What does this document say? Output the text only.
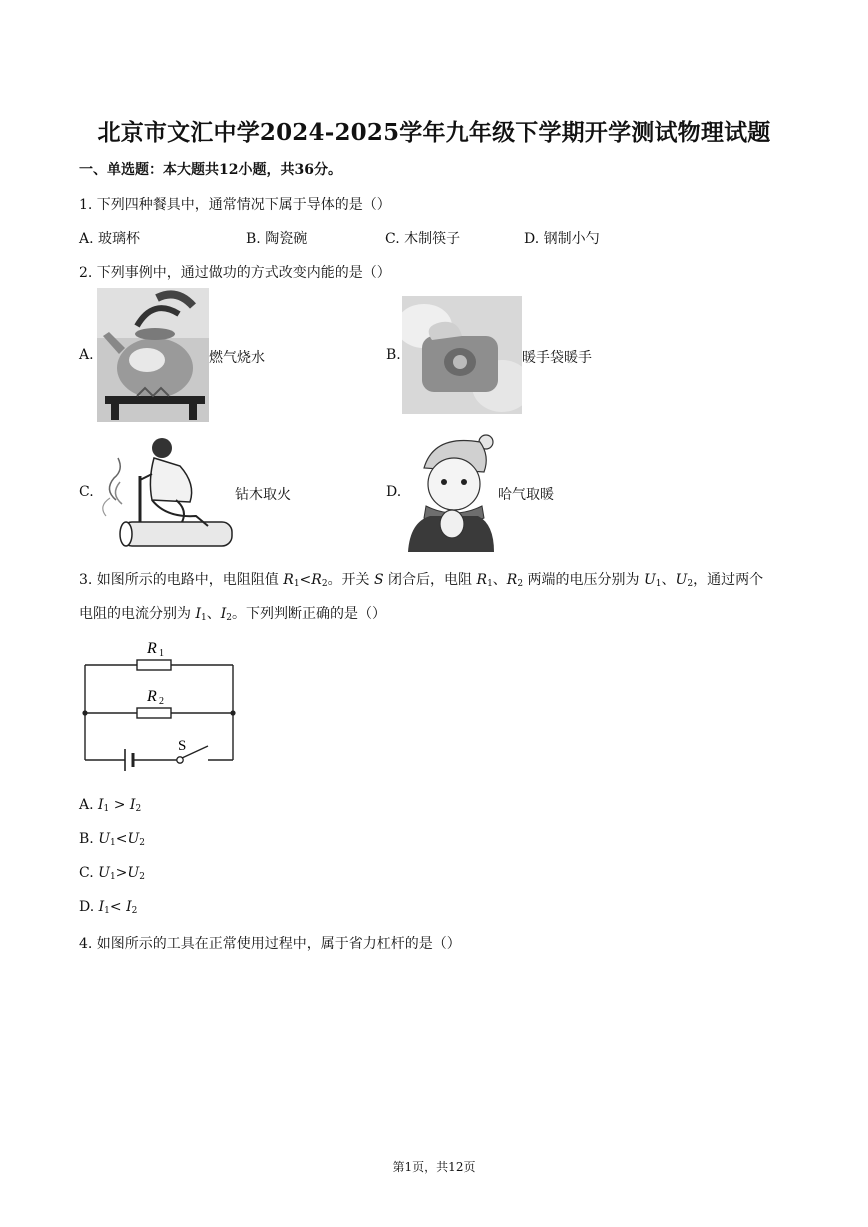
北京市文汇中学2024-2025学年九年级下学期开学测试物理试题
一、单选题：本大题共12小题，共36分。
1. 下列四种餐具中，通常情况下属于导体的是（）
A. 玻璃杯	B. 陶瓷碗	C. 木制筷子	D. 钢制小勺
2. 下列事例中，通过做功的方式改变内能的是（）
A.	燃气烧水	B.	暖手袋暖手
C.	钻木取火	D.	哈气取暖
3. 如图所示的电路中，电阻阻值 $R_1<R_2$。开关 S 闭合后，电阻 $R_1$、$R_2$ 两端的电压分别为 $U_1$、$U_2$，通过两个
电阻的电流分别为 $I_1$、$I_2$。下列判断正确的是（）
R 1
R 2
S
A. $I_1 > I_2$
B. $U_1<U_2$
C. $U_1>U_2$
D. $I_1< I_2$
4. 如图所示的工具在正常使用过程中，属于省力杠杆的是（）
第1页，共12页
